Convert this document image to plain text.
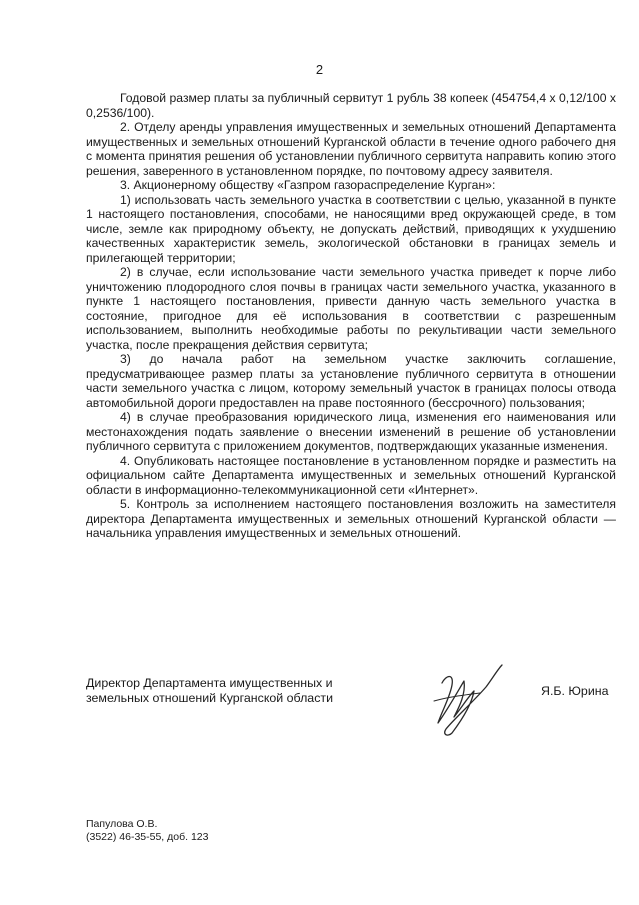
2

Годовой размер платы за публичный сервитут 1 рубль 38 копеек (454754,4 х 0,12/100 х 0,2536/100).

2. Отделу аренды управления имущественных и земельных отношений Департамента имущественных и земельных отношений Курганской области в течение одного рабочего дня с момента принятия решения об установлении публичного сервитута направить копию этого решения, заверенного в установленном порядке, по почтовому адресу заявителя.

3. Акционерному обществу «Газпром газораспределение Курган»:

1) использовать часть земельного участка в соответствии с целью, указанной в пункте 1 настоящего постановления, способами, не наносящими вред окружающей среде, в том числе, земле как природному объекту, не допускать действий, приводящих к ухудшению качественных характеристик земель, экологической обстановки в границах земель и прилегающей территории;

2) в случае, если использование части земельного участка приведет к порче либо уничтожению плодородного слоя почвы в границах части земельного участка, указанного в пункте 1 настоящего постановления, привести данную часть земельного участка в состояние, пригодное для её использования в соответствии с разрешенным использованием, выполнить необходимые работы по рекультивации части земельного участка, после прекращения действия сервитута;

3) до начала работ на земельном участке заключить соглашение, предусматривающее размер платы за установление публичного сервитута в отношении части земельного участка с лицом, которому земельный участок в границах полосы отвода автомобильной дороги предоставлен на праве постоянного (бессрочного) пользования;

4) в случае преобразования юридического лица, изменения его наименования или местонахождения подать заявление о внесении изменений в решение об установлении публичного сервитута с приложением документов, подтверждающих указанные изменения.

4. Опубликовать настоящее постановление в установленном порядке и разместить на официальном сайте Департамента имущественных и земельных отношений Курганской области в информационно-телекоммуникационной сети «Интернет».

5. Контроль за исполнением настоящего постановления возложить на заместителя директора Департамента имущественных и земельных отношений Курганской области — начальника управления имущественных и земельных отношений.

Директор Департамента имущественных и
земельных отношений Курганской области	Я.Б. Юрина
Папулова О.В.
(3522) 46-35-55, доб. 123
